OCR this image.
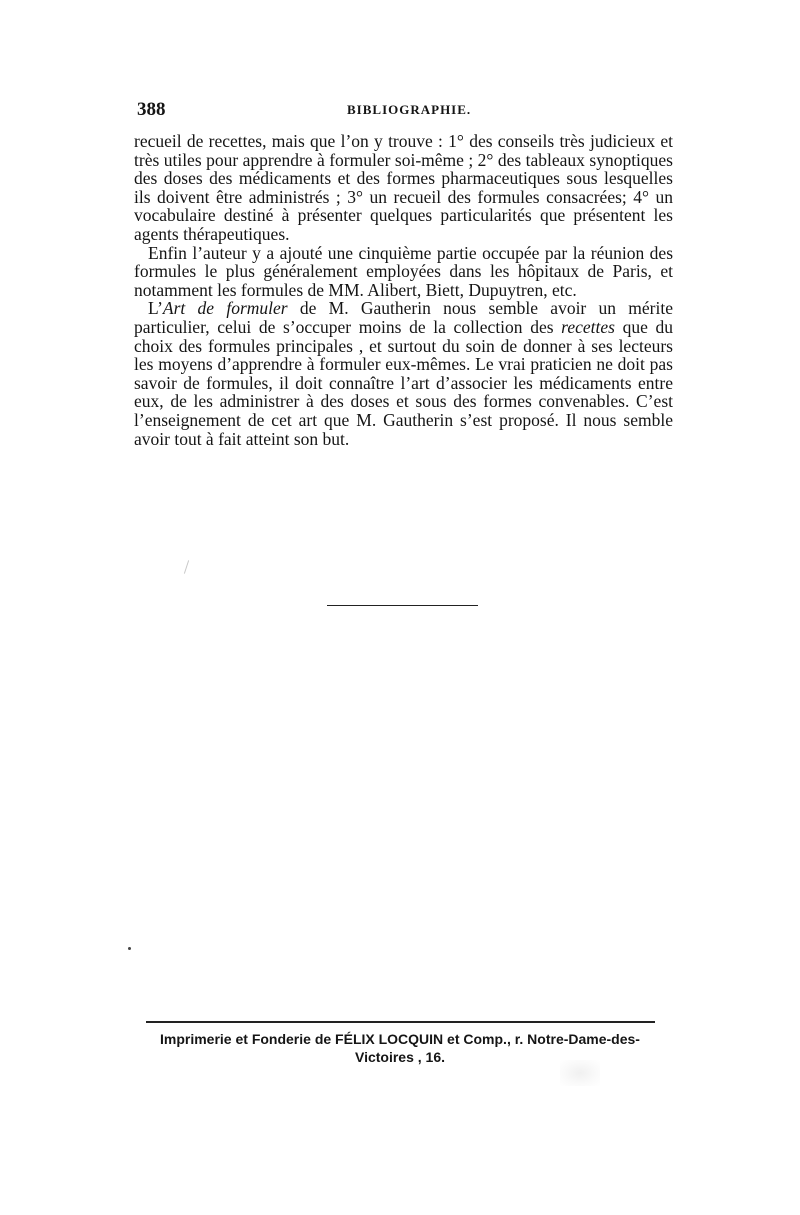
388	BIBLIOGRAPHIE.

recueil de recettes, mais que l’on y trouve : 1° des conseils très judicieux et très utiles pour apprendre à formuler soi-même ; 2° des tableaux synoptiques des doses des médicaments et des formes pharmaceutiques sous lesquelles ils doivent être administrés ; 3° un recueil des formules consacrées; 4° un vocabulaire destiné à présenter quelques particularités que présentent les agents thérapeutiques.

Enfin l’auteur y a ajouté une cinquième partie occupée par la réunion des formules le plus généralement employées dans les hôpitaux de Paris, et notamment les formules de MM. Alibert, Biett, Dupuytren, etc.

L’Art de formuler de M. Gautherin nous semble avoir un mérite particulier, celui de s’occuper moins de la collection des recettes que du choix des formules principales , et surtout du soin de donner à ses lecteurs les moyens d’apprendre à formuler eux-mêmes. Le vrai praticien ne doit pas savoir de formules, il doit connaître l’art d’associer les médicaments entre eux, de les administrer à des doses et sous des formes convenables. C’est l’enseignement de cet art que M. Gautherin s’est proposé. Il nous semble avoir tout à fait atteint son but.

Imprimerie et Fonderie de FÉLIX LOCQUIN et Comp., r. Notre-Dame-des-
Victoires , 16.
